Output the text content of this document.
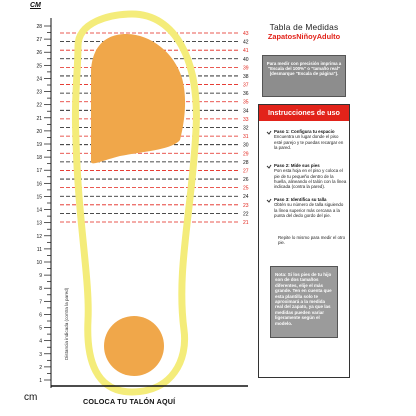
28
27
26
25
24
23
22
21
20
19
18
17
16
15
14
13
12
11
10
9
8
7
6
5
4
3
2
1
43
42
41
40
39
38
37
36
35
34
33
32
31
30
29
28
27
26
25
24
23
22
21
Distancia indicada (contra la pared)
CM
cm	COLOCA TU TALÓN AQUÍ
Tabla de Medidas
ZapatosNiñoyAdulto
Para medir con precisión imprima a "Escala del 100%" o "tamaño real" (desmarque "Escala de página").
Instrucciones de uso
Paso 1: Configura tu espacio
Encuentra un lugar donde el piso esté parejo y te puedas recargar en la pared.
Paso 2: Mide sus pies
Pon esta hoja en el piso y coloca el pie de tu pequeño dentro de la huella, alineando el talón con la línea indicada (contra la pared).
Paso 3: Identifica su talla
Obtén su número de talla siguiendo la línea superior más cercana a la punta del dedo gordo del pie.
Repite lo mismo para medir el otro pie.
Nota: Si los pies de tu hijo son de dos tamaños diferentes, elije el más grande. Ten en cuenta que esta plantilla solo te aproximará a la medida real del zapato, ya que las medidas pueden variar ligeramente según el modelo.
